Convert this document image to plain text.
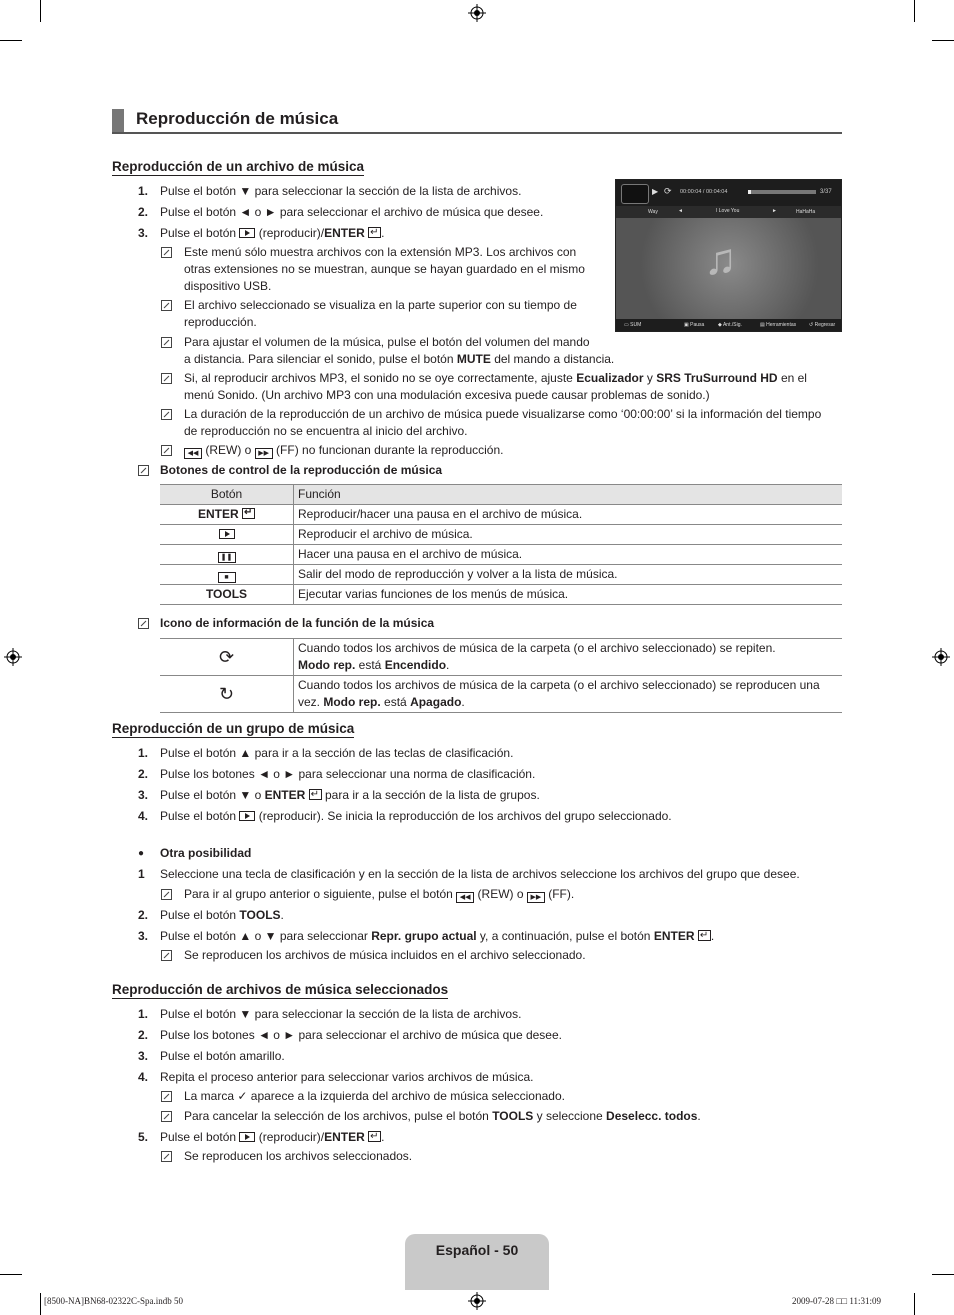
Reproducción de música
Reproducción de un archivo de música
1. Pulse el botón ▼ para seleccionar la sección de la lista de archivos.
2. Pulse el botón ◄ o ► para seleccionar el archivo de música que desee.
3. Pulse el botón (reproducir)/ENTER ↵ .
Este menú sólo muestra archivos con la extensión MP3. Los archivos con
otras extensiones no se muestran, aunque se hayan guardado en el mismo
dispositivo USB.
El archivo seleccionado se visualiza en la parte superior con su tiempo de
reproducción.
Para ajustar el volumen de la música, pulse el botón del volumen del mando
a distancia. Para silenciar el sonido, pulse el botón MUTE del mando a distancia.
Si, al reproducir archivos MP3, el sonido no se oye correctamente, ajuste Ecualizador y SRS TruSurround HD en el
menú Sonido. (Un archivo MP3 con una modulación excesiva puede causar problemas de sonido.)
La duración de la reproducción de un archivo de música puede visualizarse como ‘00:00:00’ si la información del tiempo
de reproducción no se encuentra al inicio del archivo.
◀◀ (REW) o ▶▶ (FF) no funcionan durante la reproducción.
▶ ⟳ 00:00:04 / 00:04:04	3/37
Way	◄	I Love You	►	HaHaHa
♫
▭ SUM	▣ Pausa	◆ Ant./Sig.	▤ Herramientas	↺ Regresar
Botones de control de la reproducción de música
Botón	Función
ENTER ↵	Reproducir/hacer una pausa en el archivo de música.
	Reproducir el archivo de música.
❚❚	Hacer una pausa en el archivo de música.
■	Salir del modo de reproducción y volver a la lista de música.
TOOLS	Ejecutar varias funciones de los menús de música.
Icono de información de la función de la música
⟳	Cuando todos los archivos de música de la carpeta (o el archivo seleccionado) se repiten.
Modo rep. está Encendido.

↻	Cuando todos los archivos de música de la carpeta (o el archivo seleccionado) se reproducen una
vez. Modo rep. está Apagado.
Reproducción de un grupo de música
1. Pulse el botón ▲ para ir a la sección de las teclas de clasificación.
2. Pulse los botones ◄ o ► para seleccionar una norma de clasificación.
3. Pulse el botón ▼ o ENTER ↵ para ir a la sección de la lista de grupos.
4. Pulse el botón (reproducir). Se inicia la reproducción de los archivos del grupo seleccionado.
● Otra posibilidad
1 Seleccione una tecla de clasificación y en la sección de la lista de archivos seleccione los archivos del grupo que desee.
Para ir al grupo anterior o siguiente, pulse el botón ◀◀ (REW) o ▶▶ (FF).
2. Pulse el botón TOOLS.
3. Pulse el botón ▲ o ▼ para seleccionar Repr. grupo actual y, a continuación, pulse el botón ENTER ↵ .
Se reproducen los archivos de música incluidos en el archivo seleccionado.
Reproducción de archivos de música seleccionados
1. Pulse el botón ▼ para seleccionar la sección de la lista de archivos.
2. Pulse los botones ◄ o ► para seleccionar el archivo de música que desee.
3. Pulse el botón amarillo.
4. Repita el proceso anterior para seleccionar varios archivos de música.
La marca ✓ aparece a la izquierda del archivo de música seleccionado.
Para cancelar la selección de los archivos, pulse el botón TOOLS y seleccione Deselecc. todos.
5. Pulse el botón (reproducir)/ENTER ↵ .
Se reproducen los archivos seleccionados.
Español - 50
[8500-NA]BN68-02322C-Spa.indb 50	2009-07-28 □□ 11:31:09
